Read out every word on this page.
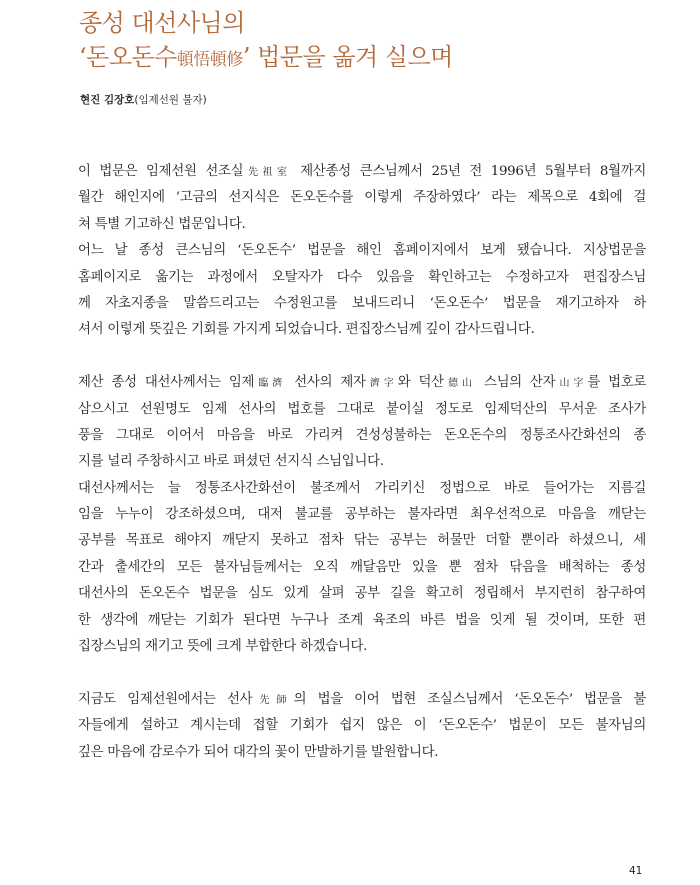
종성 대선사님의
‘돈오돈수頓悟頓修’ 법문을 옮겨 실으며
현진 김장호(임제선원 불자)
이 법문은 임제선원 선조실先祖室 제산종성 큰스님께서 25년 전 1996년 5월부터 8월까지
월간 해인지에 ‘고금의 선지식은 돈오돈수를 이렇게 주장하였다’ 라는 제목으로 4회에 걸
쳐 특별 기고하신 법문입니다.
어느 날 종성 큰스님의 ‘돈오돈수’ 법문을 해인 홈페이지에서 보게 됐습니다. 지상법문을
홈페이지로 옮기는 과정에서 오탈자가 다수 있음을 확인하고는 수정하고자 편집장스님
께 자초지종을 말씀드리고는 수정원고를 보내드리니 ‘돈오돈수’ 법문을 재기고하자 하
셔서 이렇게 뜻깊은 기회를 가지게 되었습니다. 편집장스님께 깊이 감사드립니다.
제산 종성 대선사께서는 임제臨濟 선사의 제자濟字와 덕산德山 스님의 산자山字를 법호로
삼으시고 선원명도 임제 선사의 법호를 그대로 붙이실 정도로 임제덕산의 무서운 조사가
풍을 그대로 이어서 마음을 바로 가리켜 견성성불하는 돈오돈수의 정통조사간화선의 종
지를 널리 주창하시고 바로 펴셨던 선지식 스님입니다.
대선사께서는 늘 정통조사간화선이 불조께서 가리키신 정법으로 바로 들어가는 지름길
임을 누누이 강조하셨으며, 대저 불교를 공부하는 불자라면 최우선적으로 마음을 깨닫는
공부를 목표로 해야지 깨닫지 못하고 점차 닦는 공부는 허물만 더할 뿐이라 하셨으니, 세
간과 출세간의 모든 불자님들께서는 오직 깨달음만 있을 뿐 점차 닦음을 배척하는 종성
대선사의 돈오돈수 법문을 심도 있게 살펴 공부 길을 확고히 정립해서 부지런히 참구하여
한 생각에 깨닫는 기회가 된다면 누구나 조계 육조의 바른 법을 잇게 될 것이며, 또한 편
집장스님의 재기고 뜻에 크게 부합한다 하겠습니다.
지금도 임제선원에서는 선사先師의 법을 이어 법현 조실스님께서 ‘돈오돈수’ 법문을 불
자들에게 설하고 계시는데 접할 기회가 쉽지 않은 이 ‘돈오돈수’ 법문이 모든 불자님의
깊은 마음에 감로수가 되어 대각의 꽃이 만발하기를 발원합니다.
41
